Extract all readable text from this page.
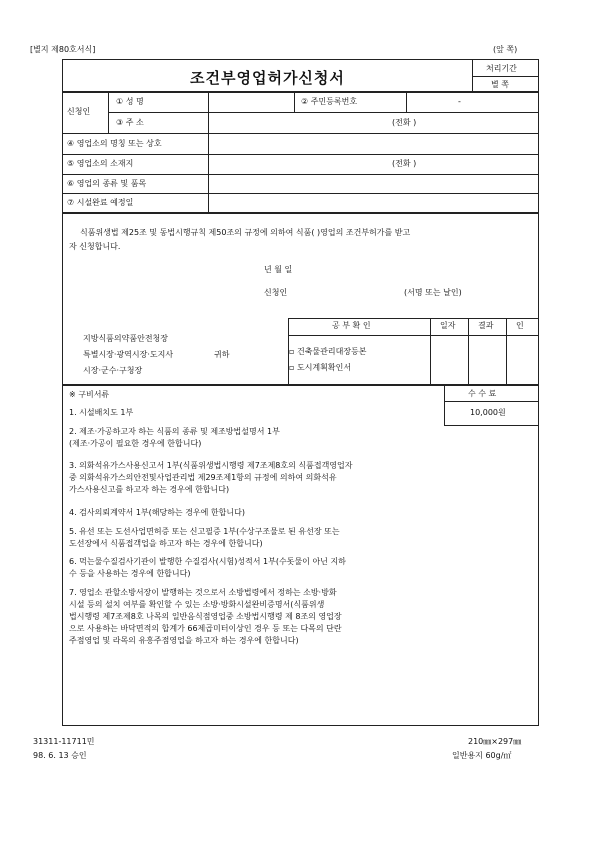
[별지 제80호서식]	(앞 쪽)
조건부영업허가신청서
처리기간
별 쪽
신청인
① 성 명	② 주민등록번호	-
③ 주 소	(전화 )
④ 영업소의 명칭 또는 상호
⑤ 영업소의 소재지	(전화 )
⑥ 영업의 종류 및 품목
⑦ 시설완료 예정일
식품위생법 제25조 및 동법시행규칙 제50조의 규정에 의하여 식품( )영업의 조건부허가를 받고
자 신청합니다.
년 월 일
신청인	(서명 또는 날인)
지방식품의약품안전청장
특별시장·광역시장·도지사	귀하
시장·군수·구청장
공 부 확 인	일자	결과	인
▫ 건축물관리대장등본
▫ 도시계획확인서
※ 구비서류	수 수 료
10,000원
1. 시설배치도 1부
2. 제조·가공하고자 하는 식품의 종류 및 제조방법설명서 1부
(제조·가공이 필요한 경우에 한합니다)
3. 의화석유가스사용신고서 1부(식품위생법시행령 제7조제8호의 식품접객영업자
중 의화석유가스의안전및사업관리법 제29조제1항의 규정에 의하여 의화석유
가스사용신고를 하고자 하는 경우에 한합니다)
4. 검사의뢰계약서 1부(해당하는 경우에 한합니다)
5. 유선 또는 도선사업면허증 또는 신고필증 1부(수상구조물로 된 유선장 또는
도선장에서 식품접객업을 하고자 하는 경우에 한합니다)
6. 먹는물수질검사기관이 발행한 수질검사(시험)성적서 1부(수돗물이 아닌 지하
수 등을 사용하는 경우에 한합니다)
7. 영업소 관할소방서장이 발행하는 것으로서 소방법령에서 정하는 소방·방화
시설 등의 설치 여부를 확인할 수 있는 소방·방화시설완비증명서(식품위생
법시행령 제7조제8호 나목의 일반음식점영업중 소방법시행령 제 8조의 영업장
으로 사용하는 바닥면적의 합계가 66제곱미터이상인 경우 등 또는 다목의 단란
주점영업 및 라목의 유흥주점영업을 하고자 하는 경우에 한합니다)
31311-11711민
98. 6. 13 승인
210㎜×297㎜
일반용지 60g/㎡
